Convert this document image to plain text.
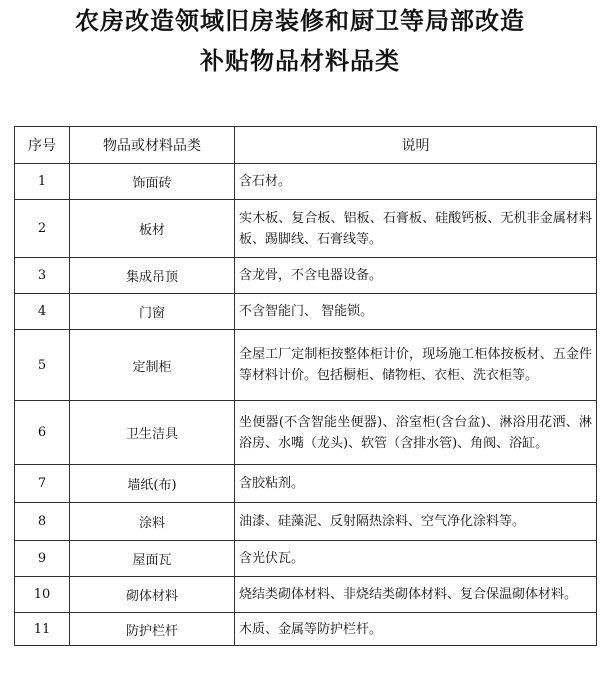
农房改造领域旧房装修和厨卫等局部改造
补贴物品材料品类
序号	物品或材料品类	说明
1	饰面砖	含石材。
2	板材	实木板、复合板、铝板、石膏板、硅酸钙板、无机非金属材料板、踢脚线、石膏线等。
3	集成吊顶	含龙骨，不含电器设备。
4	门窗	不含智能门、 智能锁。
5	定制柜	全屋工厂定制柜按整体柜计价，现场施工柜体按板材、五金件等材料计价。包括橱柜、储物柜、衣柜、洗衣柜等。
6	卫生洁具	坐便器(不含智能坐便器)、浴室柜(含台盆)、淋浴用花洒、淋浴房、水嘴（龙头)、软管（含排水管)、角阀、浴缸。
7	墙纸(布)	含胶粘剂。
8	涂料	油漆、硅藻泥、反射隔热涂料、空气净化涂料等。
9	屋面瓦	含光伏瓦。
10	砌体材料	烧结类砌体材料、非烧结类砌体材料、复合保温砌体材料。
11	防护栏杆	木质、金属等防护栏杆。
